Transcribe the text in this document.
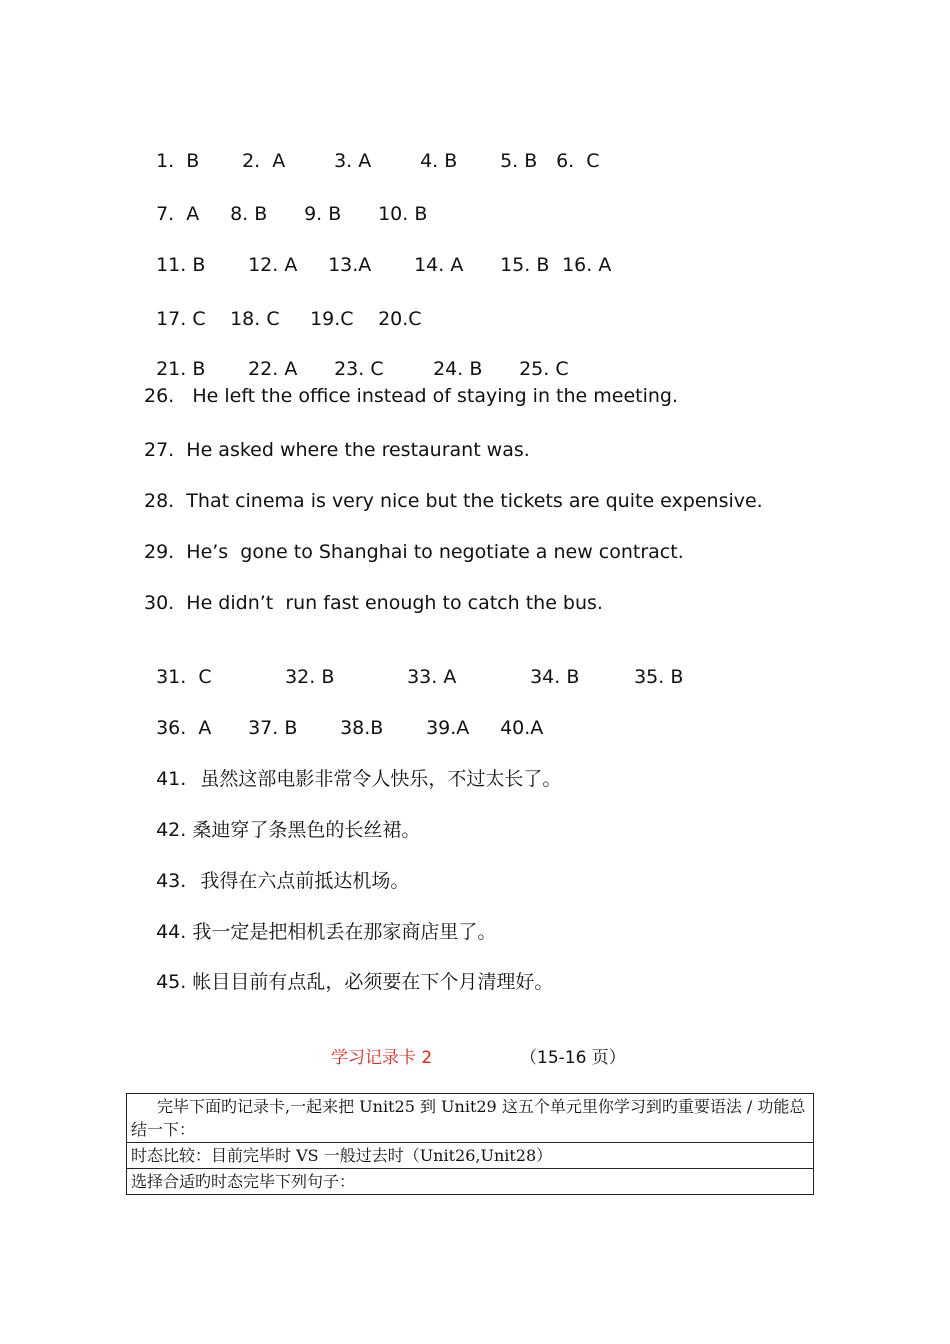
1.  B 2.  A	3. A	4. B 5. B 6.  C

7.  A 8. B 9. B 10. B

11. B 12. A 13.A 14. A 15. B 16. A

17. C 18. C 19.C 20.C

21. B 22. A 23. C	24. B 25. C

26.   He left the office instead of staying in the meeting.
27.  He asked where the restaurant was.
28.  That cinema is very nice but the tickets are quite expensive.
29.  He’s  gone to Shanghai to negotiate a new contract.
30.  He didn’t  run fast enough to catch the bus.

31.  C	32. B	33. A	34. B	35. B

36.  A 37. B 38.B 39.A 40.A

41. 虽然这部电影非常令人快乐，不过太长了。

42. 桑迪穿了条黑色的长丝裙。

43. 我得在六点前抵达机场。

44. 我一定是把相机丢在那家商店里了。

45. 帐目目前有点乱，必须要在下个月清理好。

学习记录卡 2	（15-16 页）
完毕下面旳记录卡,一起来把 Unit25 到 Unit29 这五个单元里你学习到旳重要语法 / 功能总结一下：
时态比较：目前完毕时 VS 一般过去时（Unit26,Unit28）
选择合适旳时态完毕下列句子：
